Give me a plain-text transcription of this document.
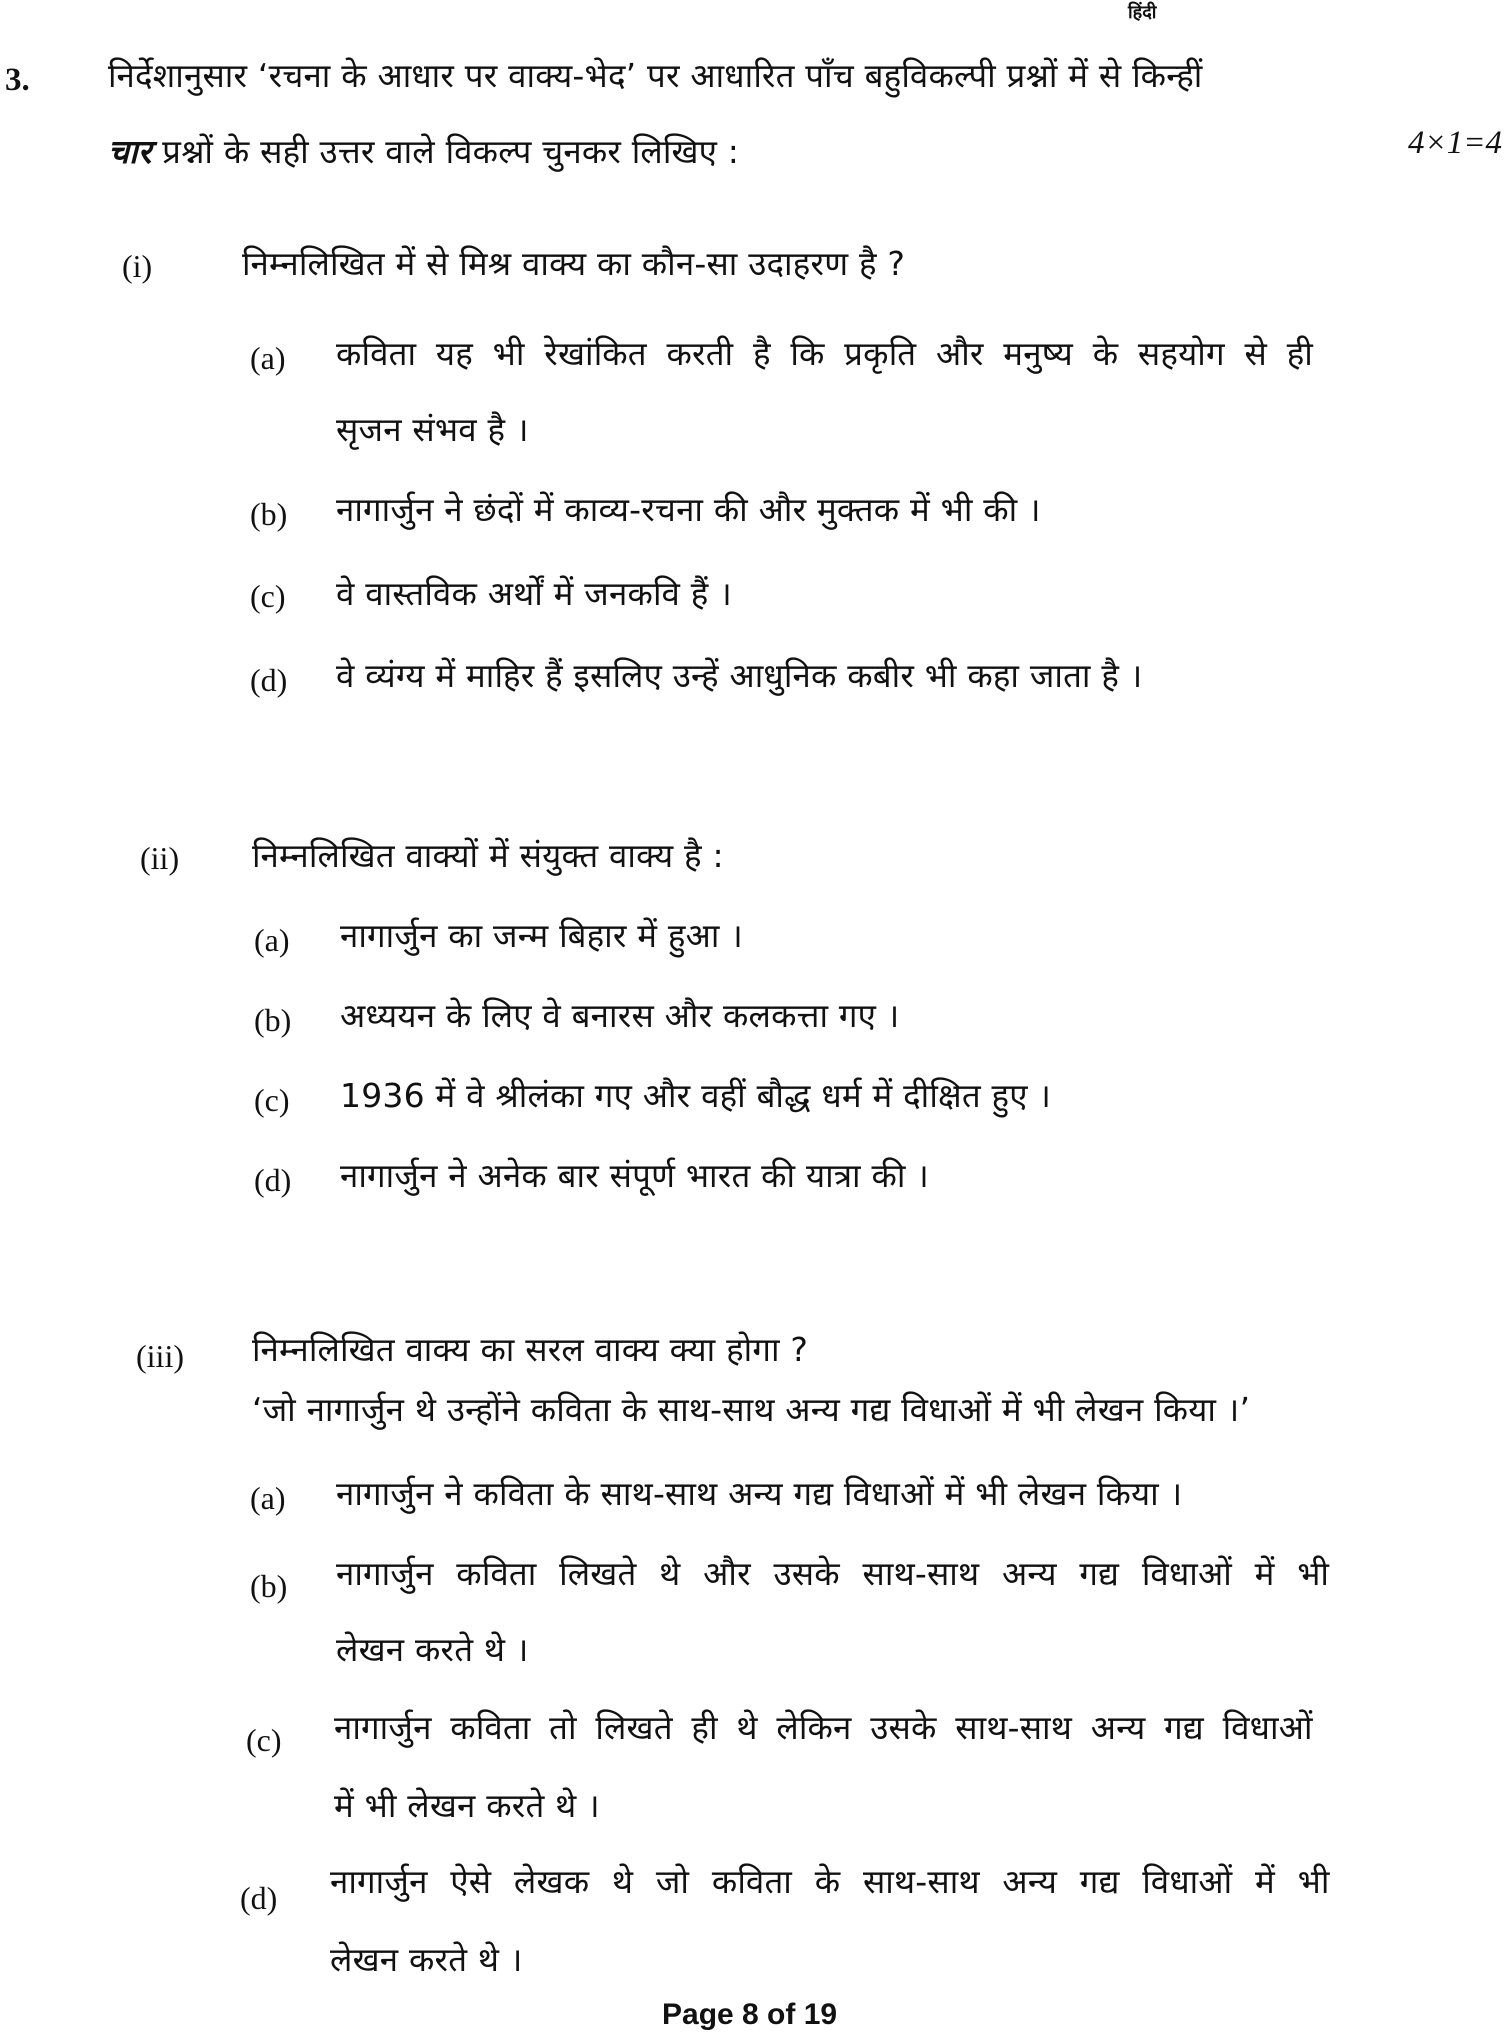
हिंदी
3. निर्देशानुसार ‘रचना के आधार पर वाक्य-भेद’ पर आधारित पाँच बहुविकल्पी प्रश्नों में से किन्हीं
चार प्रश्नों के सही उत्तर वाले विकल्प चुनकर लिखिए :	4×1=4
(i)	निम्नलिखित में से मिश्र वाक्य का कौन-सा उदाहरण है ?
(a) कविता यह भी रेखांकित करती है कि प्रकृति और मनुष्य के सहयोग से ही
सृजन संभव है ।
(b) नागार्जुन ने छंदों में काव्य-रचना की और मुक्तक में भी की ।
(c) वे वास्तविक अर्थों में जनकवि हैं ।
(d) वे व्यंग्य में माहिर हैं इसलिए उन्हें आधुनिक कबीर भी कहा जाता है ।
(ii) निम्नलिखित वाक्यों में संयुक्त वाक्य है :
(a) नागार्जुन का जन्म बिहार में हुआ ।
(b) अध्ययन के लिए वे बनारस और कलकत्ता गए ।
(c) 1936 में वे श्रीलंका गए और वहीं बौद्ध धर्म में दीक्षित हुए ।
(d) नागार्जुन ने अनेक बार संपूर्ण भारत की यात्रा की ।
(iii) निम्नलिखित वाक्य का सरल वाक्य क्या होगा ?
‘जो नागार्जुन थे उन्होंने कविता के साथ-साथ अन्य गद्य विधाओं में भी लेखन किया ।’
(a) नागार्जुन ने कविता के साथ-साथ अन्य गद्य विधाओं में भी लेखन किया ।
(b) नागार्जुन कविता लिखते थे और उसके साथ-साथ अन्य गद्य विधाओं में भी
लेखन करते थे ।
(c) नागार्जुन कविता तो लिखते ही थे लेकिन उसके साथ-साथ अन्य गद्य विधाओं
में भी लेखन करते थे ।
(d) नागार्जुन ऐसे लेखक थे जो कविता के साथ-साथ अन्य गद्य विधाओं में भी
लेखन करते थे ।
Page 8 of 19
